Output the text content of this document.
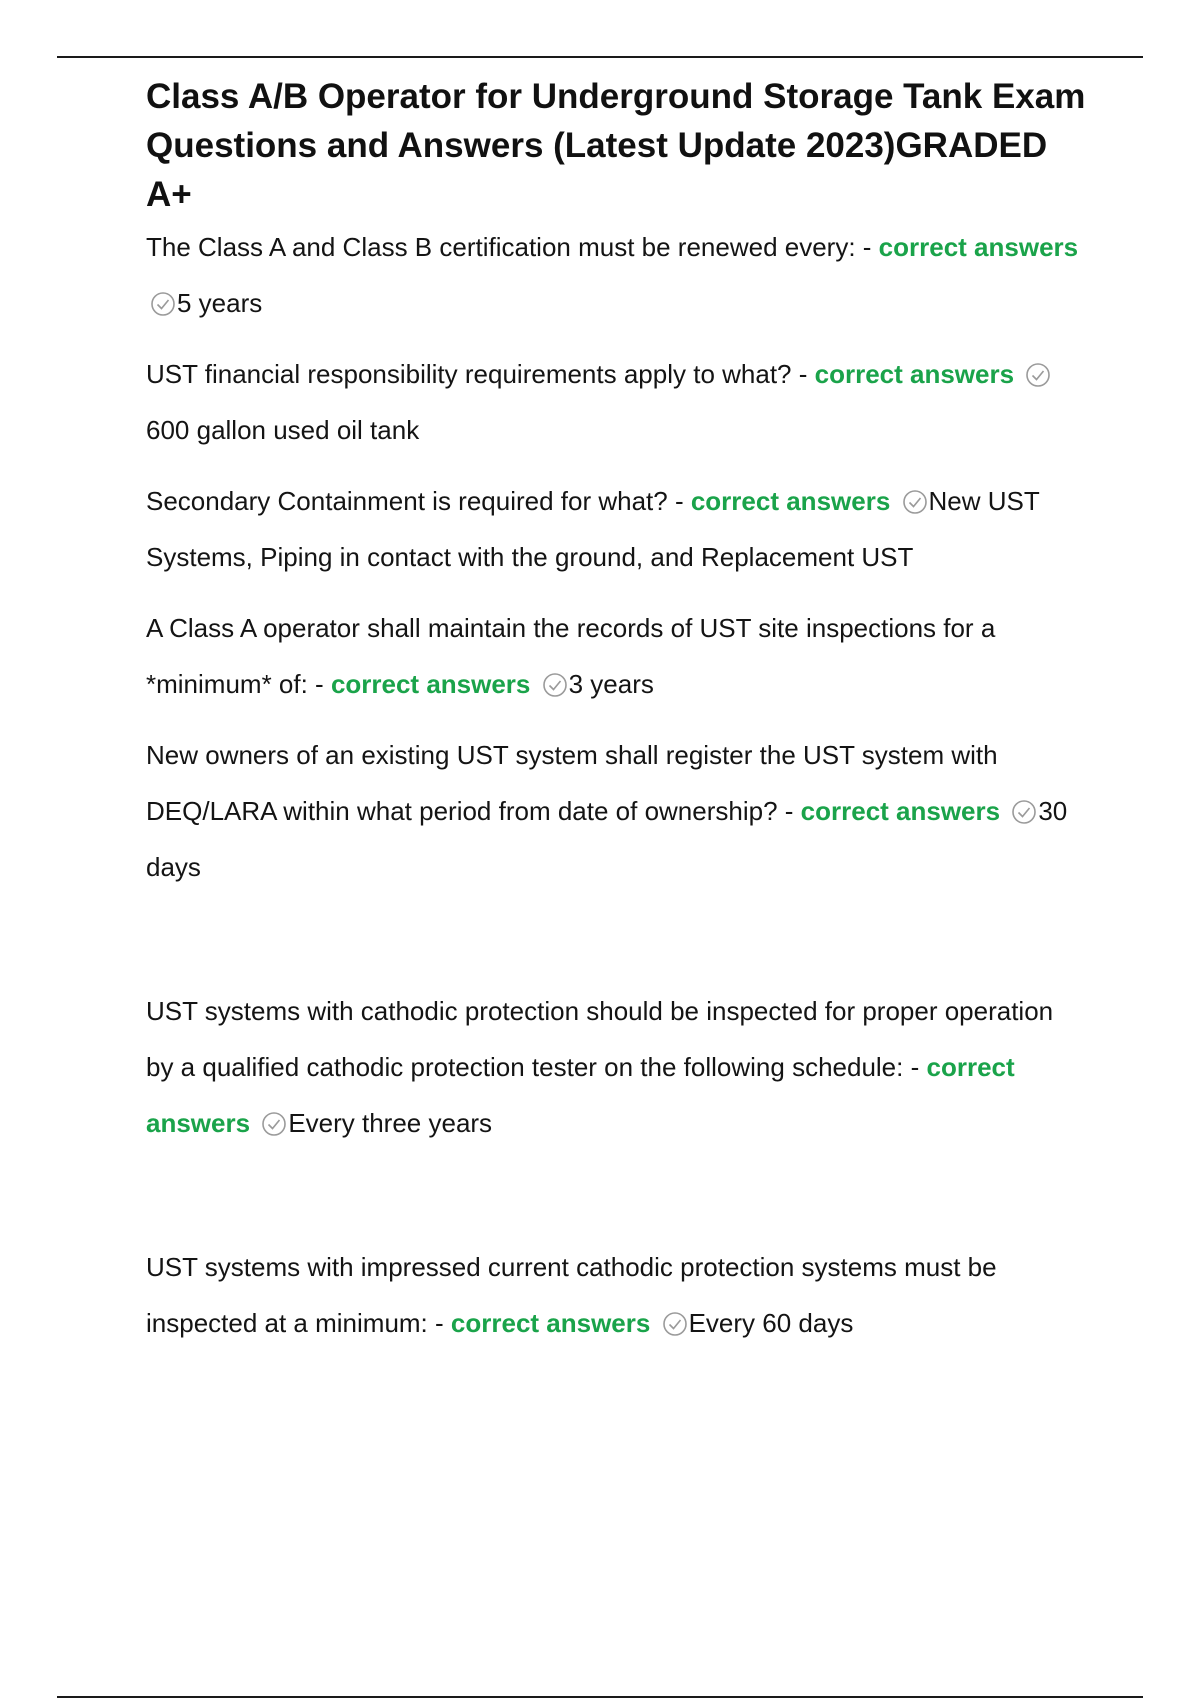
Class A/B Operator for Underground Storage Tank Exam Questions and Answers (Latest Update 2023)GRADED A+

The Class A and Class B certification must be renewed every: - correct answers
5 years

UST financial responsibility requirements apply to what? - correct answers
600 gallon used oil tank

Secondary Containment is required for what? - correct answers New UST Systems, Piping in contact with the ground, and Replacement UST

A Class A operator shall maintain the records of UST site inspections for a *minimum* of: - correct answers 3 years

New owners of an existing UST system shall register the UST system with DEQ/LARA within what period from date of ownership? - correct answers 30 days

UST systems with cathodic protection should be inspected for proper operation by a qualified cathodic protection tester on the following schedule: - correct answers Every three years

UST systems with impressed current cathodic protection systems must be inspected at a minimum: - correct answers Every 60 days
